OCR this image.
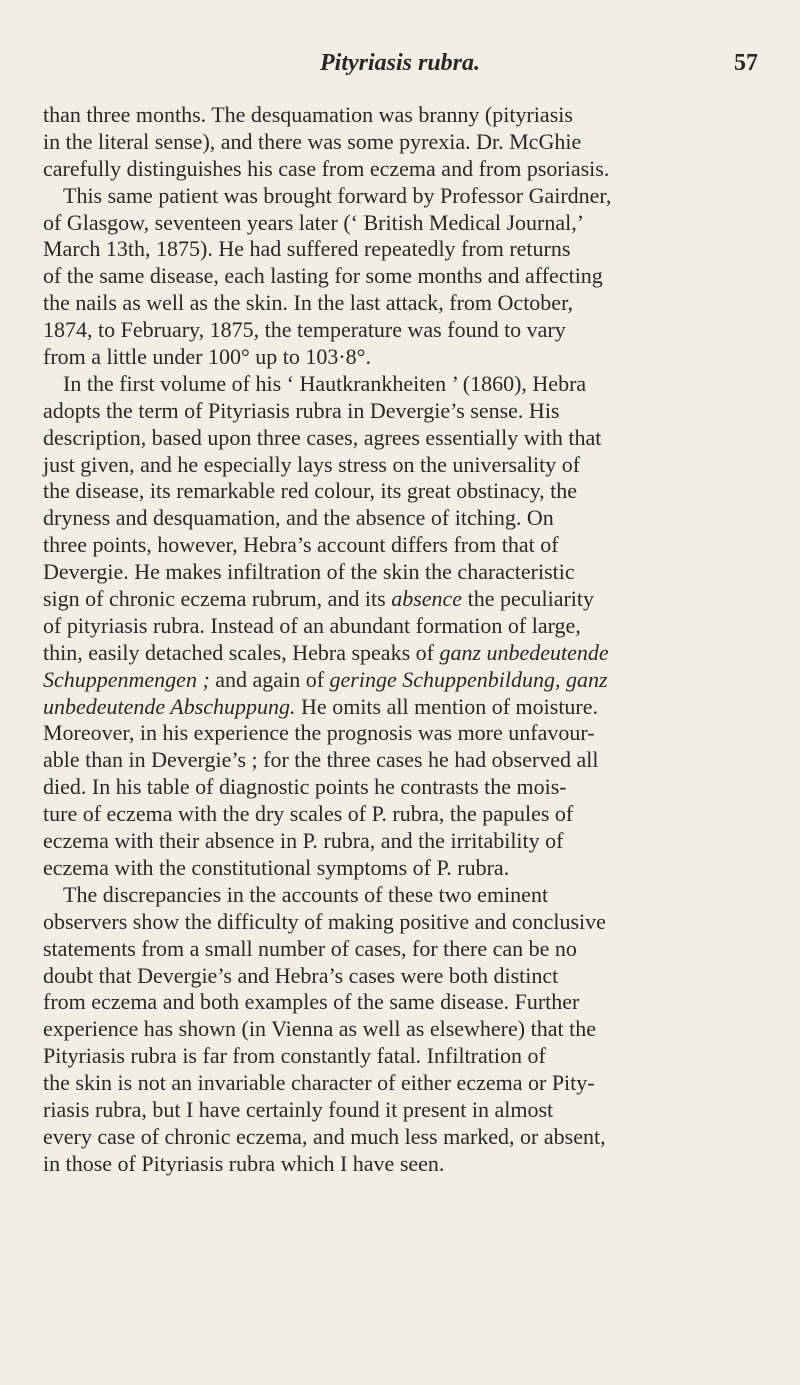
Pityriasis rubra.	57
than three months. The desquamation was branny (pityriasis
in the literal sense), and there was some pyrexia. Dr. McGhie
carefully distinguishes his case from eczema and from psoriasis.
This same patient was brought forward by Professor Gairdner,
of Glasgow, seventeen years later (‘ British Medical Journal,’
March 13th, 1875). He had suffered repeatedly from returns
of the same disease, each lasting for some months and affecting
the nails as well as the skin. In the last attack, from October,
1874, to February, 1875, the temperature was found to vary
from a little under 100° up to 103·8°.
In the first volume of his ‘ Hautkrankheiten ’ (1860), Hebra
adopts the term of Pityriasis rubra in Devergie’s sense. His
description, based upon three cases, agrees essentially with that
just given, and he especially lays stress on the universality of
the disease, its remarkable red colour, its great obstinacy, the
dryness and desquamation, and the absence of itching. On
three points, however, Hebra’s account differs from that of
Devergie. He makes infiltration of the skin the characteristic
sign of chronic eczema rubrum, and its absence the peculiarity
of pityriasis rubra. Instead of an abundant formation of large,
thin, easily detached scales, Hebra speaks of ganz unbedeutende
Schuppenmengen ; and again of geringe Schuppenbildung, ganz
unbedeutende Abschuppung. He omits all mention of moisture.
Moreover, in his experience the prognosis was more unfavour-
able than in Devergie’s ; for the three cases he had observed all
died. In his table of diagnostic points he contrasts the mois-
ture of eczema with the dry scales of P. rubra, the papules of
eczema with their absence in P. rubra, and the irritability of
eczema with the constitutional symptoms of P. rubra.
The discrepancies in the accounts of these two eminent
observers show the difficulty of making positive and conclusive
statements from a small number of cases, for there can be no
doubt that Devergie’s and Hebra’s cases were both distinct
from eczema and both examples of the same disease. Further
experience has shown (in Vienna as well as elsewhere) that the
Pityriasis rubra is far from constantly fatal. Infiltration of
the skin is not an invariable character of either eczema or Pity-
riasis rubra, but I have certainly found it present in almost
every case of chronic eczema, and much less marked, or absent,
in those of Pityriasis rubra which I have seen.
